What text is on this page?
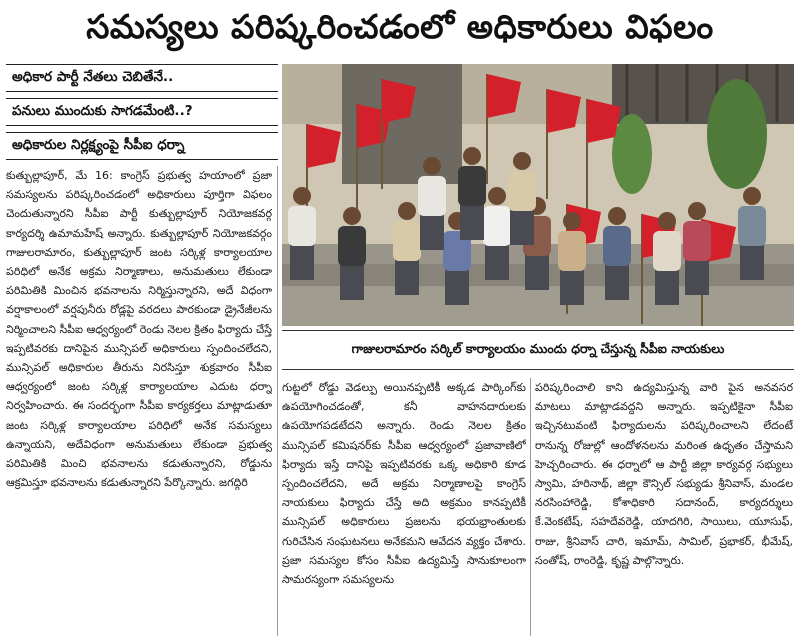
సమస్యలు పరిష్కరించడంలో అధికారులు విఫలం
అధికార పార్టీ నేతలు చెబితేనే..
పనులు ముందుకు సాగడమేంటి..?
అధికారుల నిర్లక్ష్యంపై సీపీఐ ధర్నా

కుత్బుల్లాపూర్, మే 16: కాంగ్రెస్ ప్రభుత్వ హయాంలో ప్రజా సమస్యలను పరిష్కరించడంలో అధికారులు పూర్తిగా విఫలం చెందుతున్నారని సీపీఐ పార్టీ కుత్బుల్లాపూర్ నియోజకవర్గ కార్యదర్శి ఉమామహేష్ అన్నారు. కుత్బుల్లాపూర్ నియోజకవర్గం గాజులరామారం, కుత్బుల్లాపూర్ జంట సర్కిళ్ల కార్యాలయాల పరిధిలో అనేక అక్రమ నిర్మాణాలు, అనుమతులు లేకుండా పరిమితికి మించిన భవనాలను నిర్మిస్తున్నారని, అదే విధంగా వర్షాకాలంలో వర్షపునీరు రోడ్లపై వరదలు పారకుండా డ్రైనేజీలను నిర్మించాలని సీపీఐ ఆధ్వర్యంలో రెండు నెలల క్రితం ఫిర్యాదు చేస్తే ఇప్పటివరకు దానిపైన మున్సిపల్ అధికారులు స్పందించలేదని, మున్సిపల్ అధికారుల తీరును నిరసిస్తూ శుక్రవారం సీపీఐ ఆధ్వర్యంలో జంట సర్కిళ్ల కార్యాలయాల ఎదుట ధర్నా నిర్వహించారు. ఈ సందర్భంగా సీపీఐ కార్యకర్తలు మాట్లాడుతూ జంట సర్కిళ్ల కార్యాలయాల పరిధిలో అనేక సమస్యలు ఉన్నాయని, అదేవిధంగా అనుమతులు లేకుండా ప్రభుత్వ పరిమితికి మించి భవనాలను కడుతున్నారని, రోడ్డును ఆక్రమిస్తూ భవనాలను కడుతున్నారని పేర్కొన్నారు. జగద్గిరి

గాజులరామారం సర్కిల్ కార్యాలయం ముందు ధర్నా చేస్తున్న సీపీఐ నాయకులు

గుట్టలో రోడ్డు వెడల్పు అయినప్పటికీ అక్కడ పార్కింగ్‌కు ఉపయోగించడంతో, కనీ వాహనదారులకు ఉపయోగపడటేదని అన్నారు. రెండు నెలల క్రితం మున్సిపల్ కమిషనర్‌కు సీపీఐ ఆధ్వర్యంలో ప్రజావాణిలో ఫిర్యాదు ఇస్తే దానిపై ఇప్పటివరకు ఒక్క అధికారి కూడ స్పందించలేదని, అదే అక్రమ నిర్మాణాలపై కాంగ్రెస్ నాయకులు ఫిర్యాదు చేస్తే అది అక్రమం కానప్పటికీ మున్సిపల్ అధికారులు ప్రజలను భయభ్రాంతులకు గురిచేసిన సంఘటనలు అనేకమని ఆవేదన వ్యక్తం చేశారు. ప్రజా సమస్యల కోసం సీపీఐ ఉద్యమిస్తే సానుకూలంగా సామరస్యంగా సమస్యలను

పరిష్కరించాలి కాని ఉద్యమిస్తున్న వారి పైన అనవసర మాటలు మాట్లాడవద్దని అన్నారు. ఇప్పటికైనా సీపీఐ ఇచ్చినటువంటి ఫిర్యాదులను పరిష్కరించాలని లేదంటే రానున్న రోజుల్లో ఆందోళనలను మరింత ఉధృతం చేస్తామని హెచ్చరించారు. ఈ ధర్నాలో ఆ పార్టీ జిల్లా కార్యవర్గ సభ్యులు స్వామి, హరినాథ్, జిల్లా కౌన్సిల్ సభ్యుడు శ్రీనివాస్, మండల నరసింహారెడ్డి, కోశాధికారి సదానంద్, కార్యదర్శులు కే.వెంకటేష్, సహదేవరెడ్డి, యాదగిరి, సాయిలు, యూసుఫ్, రాజు, శ్రీనివాస్ చారి, ఇమామ్, సామిల్, ప్రభాకర్, భీమేష్, సంతోష్, రాంరెడ్డి, కృష్ణ పాల్గొన్నారు.
